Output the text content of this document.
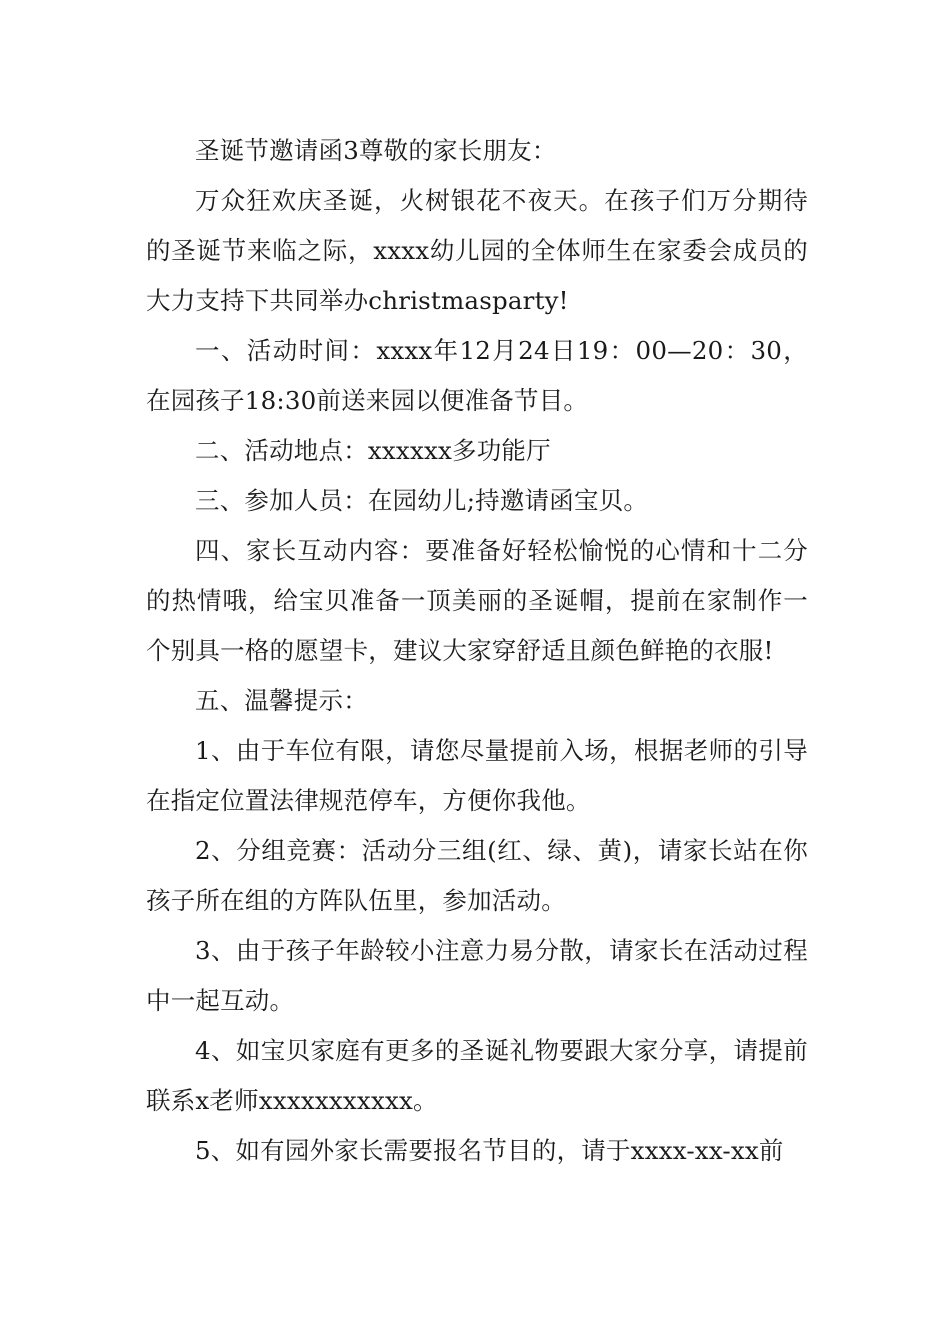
圣诞节邀请函3尊敬的家长朋友：

万众狂欢庆圣诞，火树银花不夜天。在孩子们万分期待的圣诞节来临之际，xxxx幼儿园的全体师生在家委会成员的大力支持下共同举办christmasparty!

一、活动时间：xxxx年12月24日19：00—20：30，在园孩子18:30前送来园以便准备节目。

二、活动地点：xxxxxx多功能厅

三、参加人员：在园幼儿;持邀请函宝贝。

四、家长互动内容：要准备好轻松愉悦的心情和十二分的热情哦，给宝贝准备一顶美丽的圣诞帽，提前在家制作一个别具一格的愿望卡，建议大家穿舒适且颜色鲜艳的衣服!

五、温馨提示：

1、由于车位有限，请您尽量提前入场，根据老师的引导在指定位置法律规范停车，方便你我他。

2、分组竞赛：活动分三组(红、绿、黄)，请家长站在你孩子所在组的方阵队伍里，参加活动。

3、由于孩子年龄较小注意力易分散，请家长在活动过程中一起互动。

4、如宝贝家庭有更多的圣诞礼物要跟大家分享，请提前联系x老师xxxxxxxxxxx。

5、如有园外家长需要报名节目的，请于xxxx-xx-xx前
